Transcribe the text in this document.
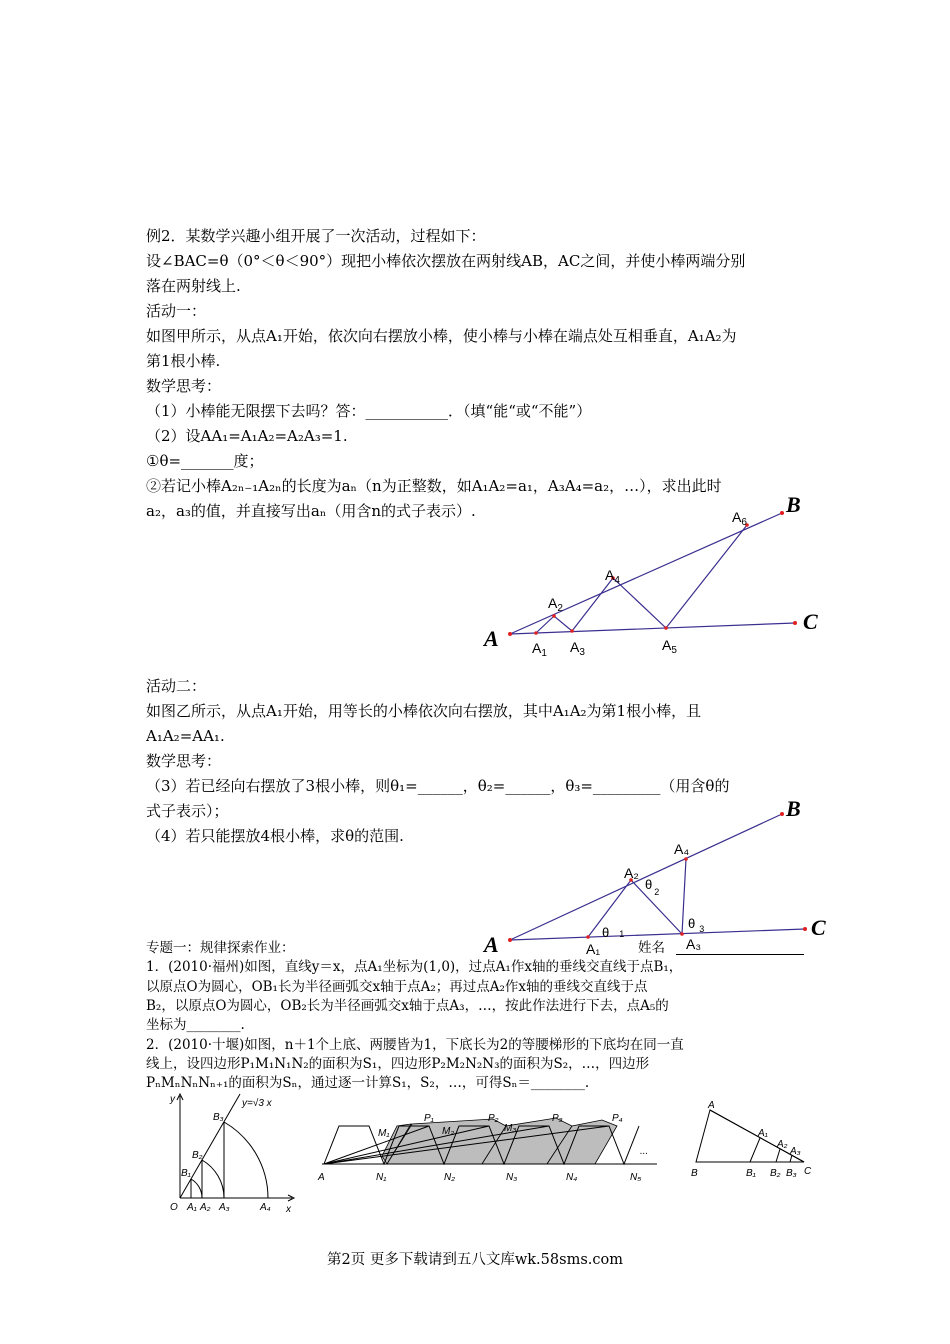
例2．某数学兴趣小组开展了一次活动，过程如下：
设∠BAC=θ（0°＜θ＜90°）现把小棒依次摆放在两射线AB，AC之间，并使小棒两端分别
落在两射线上.
活动一：
如图甲所示，从点A₁开始，依次向右摆放小棒，使小棒与小棒在端点处互相垂直，A₁A₂为
第1根小棒.
数学思考：
（1）小棒能无限摆下去吗？答：___________．（填“能“或“不能”）
（2）设AA₁=A₁A₂=A₂A₃=1.
①θ=_______度；
②若记小棒A₂ₙ₋₁A₂ₙ的长度为aₙ（n为正整数，如A₁A₂=a₁，A₃A₄=a₂，…），求出此时
a₂，a₃的值，并直接写出aₙ（用含n的式子表示）.
活动二：
如图乙所示，从点A₁开始，用等长的小棒依次向右摆放，其中A₁A₂为第1根小棒，且
A₁A₂=AA₁.
数学思考：
（3）若已经向右摆放了3根小棒，则θ₁=______，θ₂=______，θ₃=_________（用含θ的
式子表示）；
（4）若只能摆放4根小棒，求θ的范围.
专题一：规律探索作业：	姓名
1．(2010·福州)如图，直线y＝x，点A₁坐标为(1,0)，过点A₁作x轴的垂线交直线于点B₁，
以原点O为圆心，OB₁长为半径画弧交x轴于点A₂；再过点A₂作x轴的垂线交直线于点
B₂，以原点O为圆心，OB₂长为半径画弧交x轴于点A₃，…，按此作法进行下去，点A₅的
坐标为________.
2．(2010·十堰)如图，n＋1个上底、两腰皆为1，下底长为2的等腰梯形的下底均在同一直
线上，设四边形P₁M₁N₁N₂的面积为S₁，四边形P₂M₂N₂N₃的面积为S₂，…，四边形
PₙMₙNₙNₙ₊₁的面积为Sₙ，通过逐一计算S₁，S₂，…，可得Sₙ＝________.
A
B
C
$A_1$
$A_2$
$A_3$
$A_4$
$A_5$
$A_6$
A
B
C
A₁
A₂
A₃
A₄
θ 1
θ $_2$
θ $_3$
y
x
O
y=√3 x
B₁
B₂
B₃
A₁ A₂ A₃	A₄
A	N₁	N₂	N₃	N₄	N₅
P₁	P₂	P₃	P₄
M₁	M₂	M₃
...
A
B	C
A₁
A₂
A₃
B₁ B₂ B₃
第2页 更多下载请到五八文库wk.58sms.com
